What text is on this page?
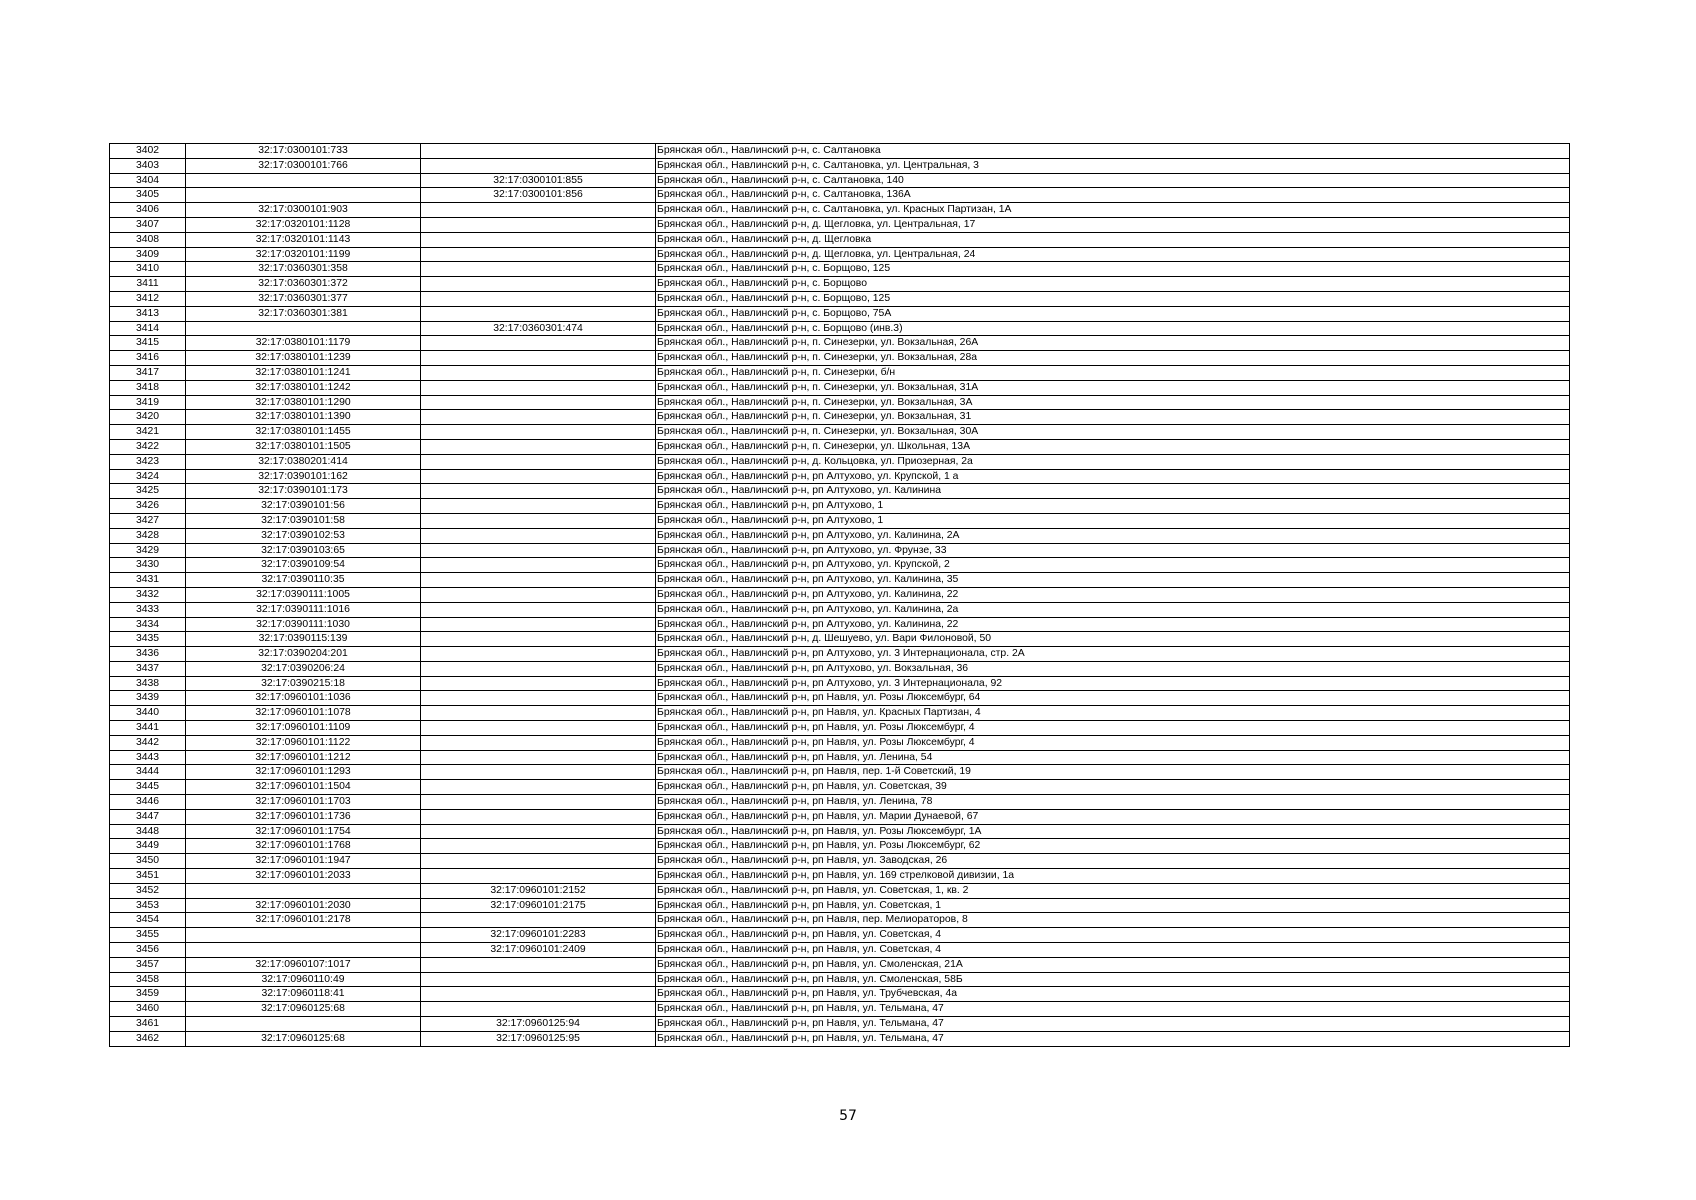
3402	32:17:0300101:733		Брянская обл., Навлинский р-н, с. Салтановка
3403	32:17:0300101:766		Брянская обл., Навлинский р-н, с. Салтановка, ул. Центральная, 3
3404		32:17:0300101:855	Брянская обл., Навлинский р-н, с. Салтановка, 140
3405		32:17:0300101:856	Брянская обл., Навлинский р-н, с. Салтановка, 136А
3406	32:17:0300101:903		Брянская обл., Навлинский р-н, с. Салтановка, ул. Красных Партизан, 1А
3407	32:17:0320101:1128		Брянская обл., Навлинский р-н, д. Щегловка, ул. Центральная, 17
3408	32:17:0320101:1143		Брянская обл., Навлинский р-н, д. Щегловка
3409	32:17:0320101:1199		Брянская обл., Навлинский р-н, д. Щегловка, ул. Центральная, 24
3410	32:17:0360301:358		Брянская обл., Навлинский р-н, с. Борщово, 125
3411	32:17:0360301:372		Брянская обл., Навлинский р-н, с. Борщово
3412	32:17:0360301:377		Брянская обл., Навлинский р-н, с. Борщово, 125
3413	32:17:0360301:381		Брянская обл., Навлинский р-н, с. Борщово, 75А
3414		32:17:0360301:474	Брянская обл., Навлинский р-н, с. Борщово (инв.3)
3415	32:17:0380101:1179		Брянская обл., Навлинский р-н, п. Синезерки, ул. Вокзальная, 26А
3416	32:17:0380101:1239		Брянская обл., Навлинский р-н, п. Синезерки, ул. Вокзальная, 28а
3417	32:17:0380101:1241		Брянская обл., Навлинский р-н, п. Синезерки, б/н
3418	32:17:0380101:1242		Брянская обл., Навлинский р-н, п. Синезерки, ул. Вокзальная, 31А
3419	32:17:0380101:1290		Брянская обл., Навлинский р-н, п. Синезерки, ул. Вокзальная, 3А
3420	32:17:0380101:1390		Брянская обл., Навлинский р-н, п. Синезерки, ул. Вокзальная, 31
3421	32:17:0380101:1455		Брянская обл., Навлинский р-н, п. Синезерки, ул. Вокзальная, 30А
3422	32:17:0380101:1505		Брянская обл., Навлинский р-н, п. Синезерки, ул. Школьная, 13А
3423	32:17:0380201:414		Брянская обл., Навлинский р-н, д. Кольцовка, ул. Приозерная, 2а
3424	32:17:0390101:162		Брянская обл., Навлинский р-н, рп Алтухово, ул. Крупской, 1 а
3425	32:17:0390101:173		Брянская обл., Навлинский р-н, рп Алтухово, ул. Калинина
3426	32:17:0390101:56		Брянская обл., Навлинский р-н, рп Алтухово, 1
3427	32:17:0390101:58		Брянская обл., Навлинский р-н, рп Алтухово, 1
3428	32:17:0390102:53		Брянская обл., Навлинский р-н, рп Алтухово, ул. Калинина, 2А
3429	32:17:0390103:65		Брянская обл., Навлинский р-н, рп Алтухово, ул. Фрунзе, 33
3430	32:17:0390109:54		Брянская обл., Навлинский р-н, рп Алтухово, ул. Крупской, 2
3431	32:17:0390110:35		Брянская обл., Навлинский р-н, рп Алтухово, ул. Калинина, 35
3432	32:17:0390111:1005		Брянская обл., Навлинский р-н, рп Алтухово, ул. Калинина, 22
3433	32:17:0390111:1016		Брянская обл., Навлинский р-н, рп Алтухово, ул. Калинина, 2а
3434	32:17:0390111:1030		Брянская обл., Навлинский р-н, рп Алтухово, ул. Калинина, 22
3435	32:17:0390115:139		Брянская обл., Навлинский р-н, д. Шешуево, ул. Вари Филоновой, 50
3436	32:17:0390204:201		Брянская обл., Навлинский р-н, рп Алтухово, ул. 3 Интернационала, стр. 2А
3437	32:17:0390206:24		Брянская обл., Навлинский р-н, рп Алтухово, ул. Вокзальная, 36
3438	32:17:0390215:18		Брянская обл., Навлинский р-н, рп Алтухово, ул. 3 Интернационала, 92
3439	32:17:0960101:1036		Брянская обл., Навлинский р-н, рп Навля, ул. Розы Люксембург, 64
3440	32:17:0960101:1078		Брянская обл., Навлинский р-н, рп Навля, ул. Красных Партизан, 4
3441	32:17:0960101:1109		Брянская обл., Навлинский р-н, рп Навля, ул. Розы Люксембург, 4
3442	32:17:0960101:1122		Брянская обл., Навлинский р-н, рп Навля, ул. Розы Люксембург, 4
3443	32:17:0960101:1212		Брянская обл., Навлинский р-н, рп Навля, ул. Ленина, 54
3444	32:17:0960101:1293		Брянская обл., Навлинский р-н, рп Навля, пер. 1-й Советский, 19
3445	32:17:0960101:1504		Брянская обл., Навлинский р-н, рп Навля, ул. Советская, 39
3446	32:17:0960101:1703		Брянская обл., Навлинский р-н, рп Навля, ул. Ленина, 78
3447	32:17:0960101:1736		Брянская обл., Навлинский р-н, рп Навля, ул. Марии Дунаевой, 67
3448	32:17:0960101:1754		Брянская обл., Навлинский р-н, рп Навля, ул. Розы Люксембург, 1А
3449	32:17:0960101:1768		Брянская обл., Навлинский р-н, рп Навля, ул. Розы Люксембург, 62
3450	32:17:0960101:1947		Брянская обл., Навлинский р-н, рп Навля, ул. Заводская, 26
3451	32:17:0960101:2033		Брянская обл., Навлинский р-н, рп Навля, ул. 169 стрелковой дивизии, 1а
3452		32:17:0960101:2152	Брянская обл., Навлинский р-н, рп Навля, ул. Советская, 1, кв. 2
3453	32:17:0960101:2030	32:17:0960101:2175	Брянская обл., Навлинский р-н, рп Навля, ул. Советская, 1
3454	32:17:0960101:2178		Брянская обл., Навлинский р-н, рп Навля, пер. Мелиораторов, 8
3455		32:17:0960101:2283	Брянская обл., Навлинский р-н, рп Навля, ул. Советская, 4
3456		32:17:0960101:2409	Брянская обл., Навлинский р-н, рп Навля, ул. Советская, 4
3457	32:17:0960107:1017		Брянская обл., Навлинский р-н, рп Навля, ул. Смоленская, 21А
3458	32:17:0960110:49		Брянская обл., Навлинский р-н, рп Навля, ул. Смоленская, 58Б
3459	32:17:0960118:41		Брянская обл., Навлинский р-н, рп Навля, ул. Трубчевская, 4а
3460	32:17:0960125:68		Брянская обл., Навлинский р-н, рп Навля, ул. Тельмана, 47
3461		32:17:0960125:94	Брянская обл., Навлинский р-н, рп Навля, ул. Тельмана, 47
3462	32:17:0960125:68	32:17:0960125:95	Брянская обл., Навлинский р-н, рп Навля, ул. Тельмана, 47
57
